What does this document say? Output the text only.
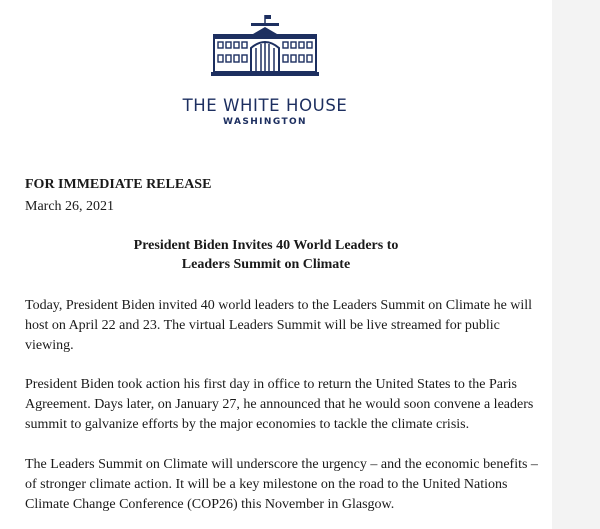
THE WHITE HOUSE
WASHINGTON
FOR IMMEDIATE RELEASE
March 26, 2021
President Biden Invites 40 World Leaders to
Leaders Summit on Climate

Today, President Biden invited 40 world leaders to the Leaders Summit on Climate he will
host on April 22 and 23. The virtual Leaders Summit will be live streamed for public
viewing.

President Biden took action his first day in office to return the United States to the Paris
Agreement. Days later, on January 27, he announced that he would soon convene a leaders
summit to galvanize efforts by the major economies to tackle the climate crisis.

The Leaders Summit on Climate will underscore the urgency – and the economic benefits –
of stronger climate action. It will be a key milestone on the road to the United Nations
Climate Change Conference (COP26) this November in Glasgow.
